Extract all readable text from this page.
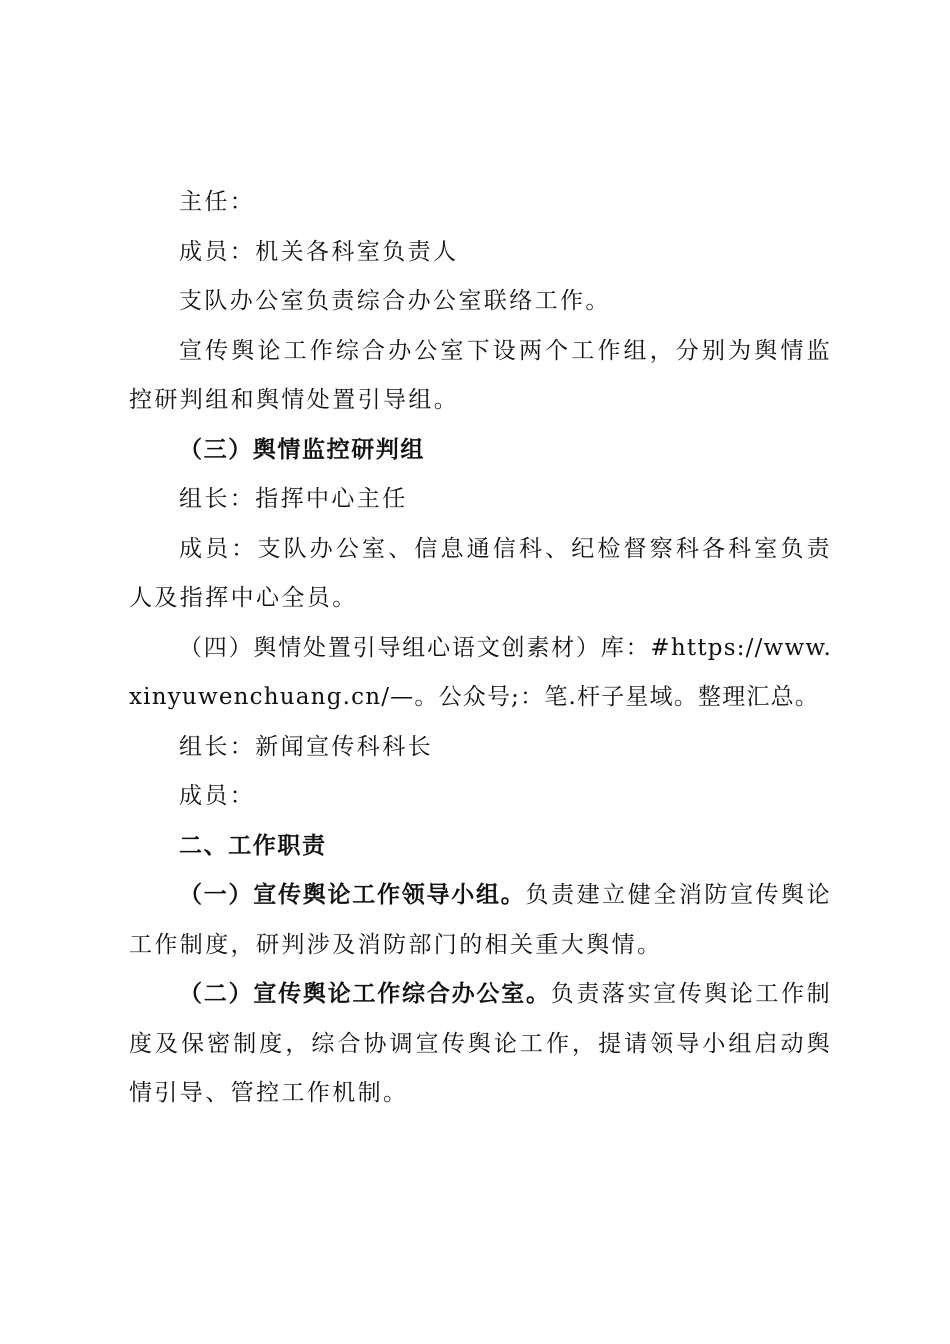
主任：

成员：机关各科室负责人

支队办公室负责综合办公室联络工作。

宣传舆论工作综合办公室下设两个工作组，分别为舆情监控研判组和舆情处置引导组。

（三）舆情监控研判组

组长：指挥中心主任

成员：支队办公室、信息通信科、纪检督察科各科室负责人及指挥中心全员。

（四）舆情处置引导组心语文创素材）库：#https://www.xinyuwenchuang.cn/—。公众号;：笔.杆子星域。整理汇总。

组长：新闻宣传科科长

成员：

二、工作职责

（一）宣传舆论工作领导小组。负责建立健全消防宣传舆论工作制度，研判涉及消防部门的相关重大舆情。

（二）宣传舆论工作综合办公室。负责落实宣传舆论工作制度及保密制度，综合协调宣传舆论工作，提请领导小组启动舆情引导、管控工作机制。
